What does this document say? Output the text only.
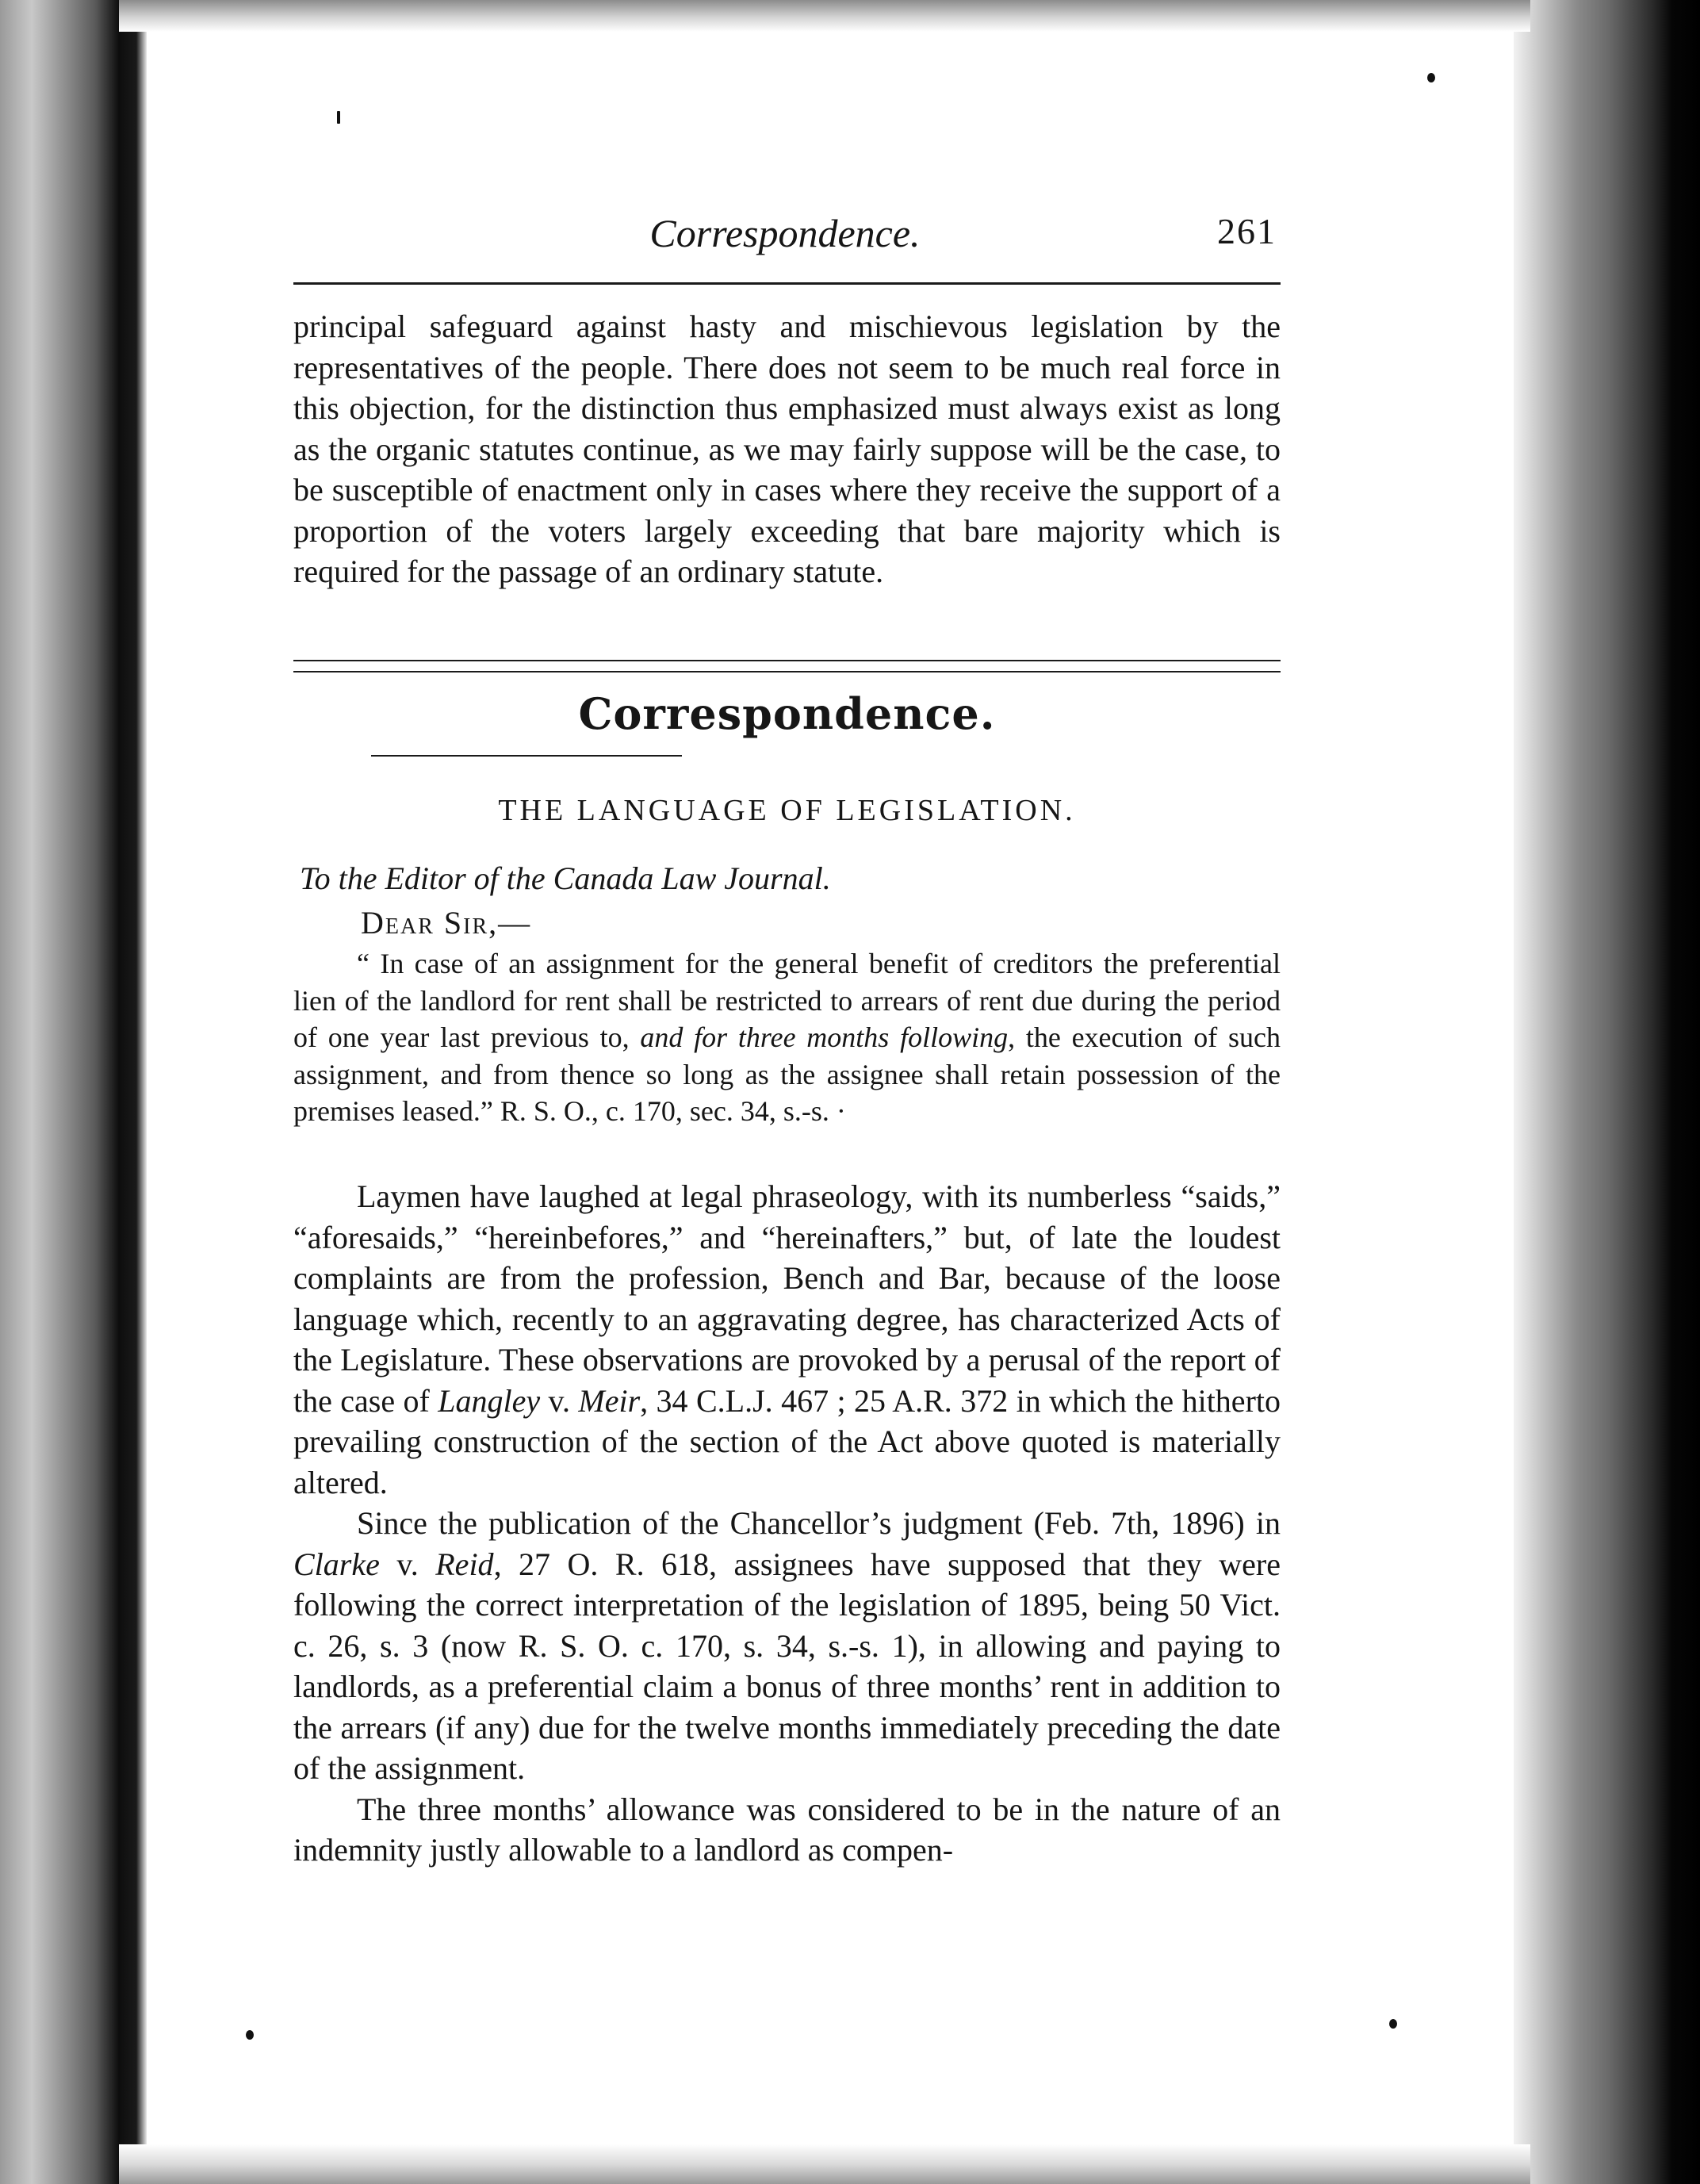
Correspondence.	261

principal safeguard against hasty and mischievous legislation by the representatives of the people. There does not seem to be much real force in this objection, for the distinction thus emphasized must always exist as long as the organic statutes continue, as we may fairly suppose will be the case, to be susceptible of enactment only in cases where they receive the support of a proportion of the voters largely exceeding that bare majority which is required for the passage of an ordinary statute.

Correspondence.
THE LANGUAGE OF LEGISLATION.
To the Editor of the Canada Law Journal.
Dear Sir,—

“ In case of an assignment for the general benefit of creditors the preferential lien of the landlord for rent shall be restricted to arrears of rent due during the period of one year last previous to, and for three months following, the execution of such assignment, and from thence so long as the assignee shall retain possession of the premises leased.” R. S. O., c. 170, sec. 34, s.-s. ·

Laymen have laughed at legal phraseology, with its numberless “saids,” “aforesaids,” “hereinbefores,” and “hereinafters,” but, of late the loudest complaints are from the profession, Bench and Bar, because of the loose language which, recently to an aggravating degree, has characterized Acts of the Legislature. These observations are provoked by a perusal of the report of the case of Langley v. Meir, 34 C.L.J. 467 ; 25 A.R. 372 in which the hitherto prevailing construction of the section of the Act above quoted is materially altered.

Since the publication of the Chancellor’s judgment (Feb. 7th, 1896) in Clarke v. Reid, 27 O. R. 618, assignees have supposed that they were following the correct interpretation of the legislation of 1895, being 50 Vict. c. 26, s. 3 (now R. S. O. c. 170, s. 34, s.-s. 1), in allowing and paying to landlords, as a preferential claim a bonus of three months’ rent in addition to the arrears (if any) due for the twelve months immediately preceding the date of the assignment.

The three months’ allowance was considered to be in the nature of an indemnity justly allowable to a landlord as compen-
